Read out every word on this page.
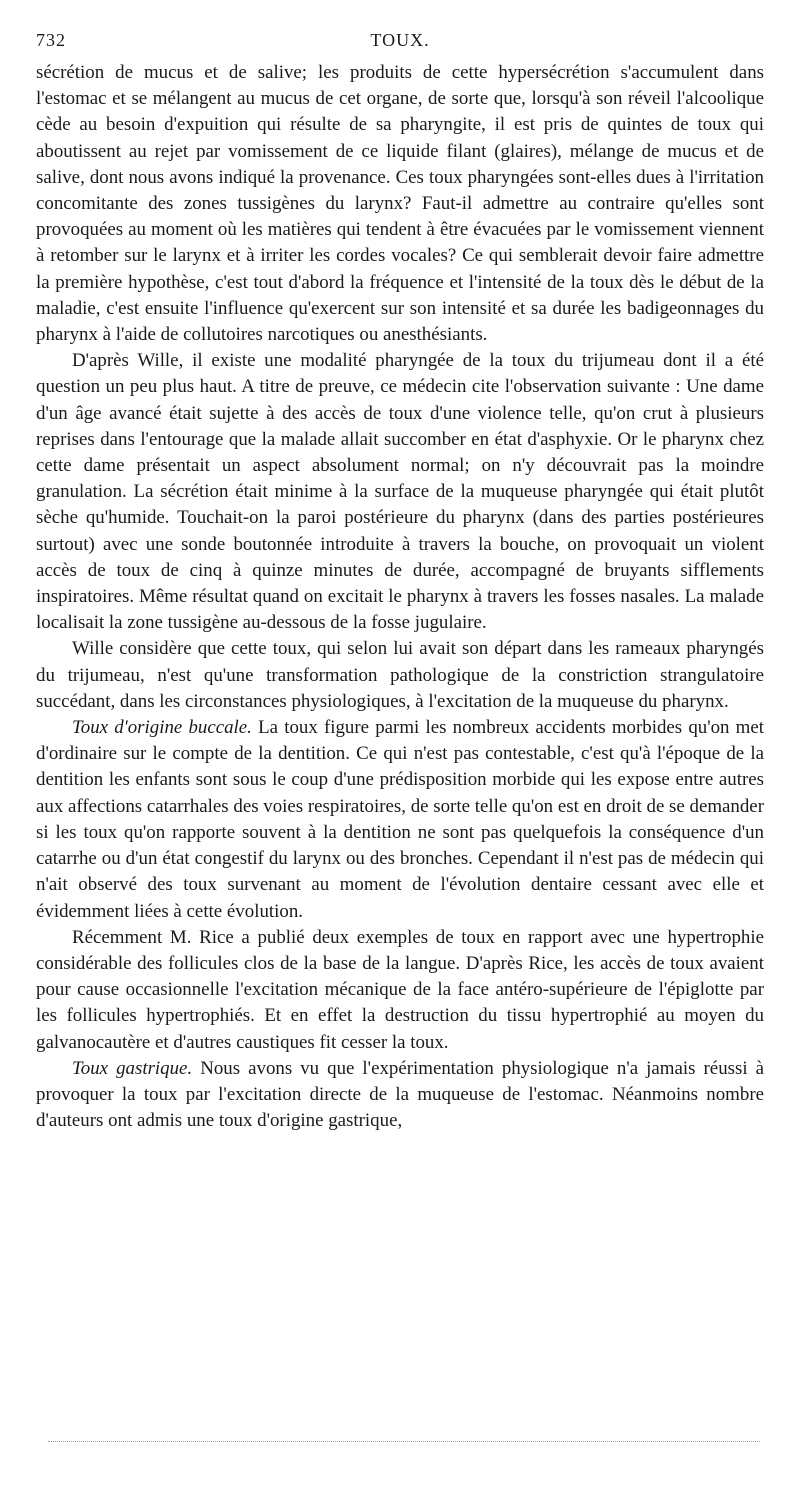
732	TOUX.

sécrétion de mucus et de salive; les produits de cette hypersécrétion s'accumulent dans l'estomac et se mélangent au mucus de cet organe, de sorte que, lorsqu'à son réveil l'alcoolique cède au besoin d'expuition qui résulte de sa pharyngite, il est pris de quintes de toux qui aboutissent au rejet par vomissement de ce liquide filant (glaires), mélange de mucus et de salive, dont nous avons indiqué la provenance. Ces toux pharyngées sont-elles dues à l'irritation concomitante des zones tussigènes du larynx? Faut-il admettre au contraire qu'elles sont provoquées au moment où les matières qui tendent à être évacuées par le vomissement viennent à retomber sur le larynx et à irriter les cordes vocales? Ce qui semblerait devoir faire admettre la première hypothèse, c'est tout d'abord la fréquence et l'intensité de la toux dès le début de la maladie, c'est ensuite l'influence qu'exercent sur son intensité et sa durée les badigeonnages du pharynx à l'aide de collutoires narcotiques ou anesthésiants.

D'après Wille, il existe une modalité pharyngée de la toux du trijumeau dont il a été question un peu plus haut. A titre de preuve, ce médecin cite l'observation suivante : Une dame d'un âge avancé était sujette à des accès de toux d'une violence telle, qu'on crut à plusieurs reprises dans l'entourage que la malade allait succomber en état d'asphyxie. Or le pharynx chez cette dame présentait un aspect absolument normal; on n'y découvrait pas la moindre granulation. La sécrétion était minime à la surface de la muqueuse pharyngée qui était plutôt sèche qu'humide. Touchait-on la paroi postérieure du pharynx (dans des parties postérieures surtout) avec une sonde boutonnée introduite à travers la bouche, on provoquait un violent accès de toux de cinq à quinze minutes de durée, accompagné de bruyants sifflements inspiratoires. Même résultat quand on excitait le pharynx à travers les fosses nasales. La malade localisait la zone tussigène au-dessous de la fosse jugulaire.

Wille considère que cette toux, qui selon lui avait son départ dans les rameaux pharyngés du trijumeau, n'est qu'une transformation pathologique de la constriction strangulatoire succédant, dans les circonstances physiologiques, à l'excitation de la muqueuse du pharynx.

Toux d'origine buccale. La toux figure parmi les nombreux accidents morbides qu'on met d'ordinaire sur le compte de la dentition. Ce qui n'est pas contestable, c'est qu'à l'époque de la dentition les enfants sont sous le coup d'une prédisposition morbide qui les expose entre autres aux affections catarrhales des voies respiratoires, de sorte telle qu'on est en droit de se demander si les toux qu'on rapporte souvent à la dentition ne sont pas quelquefois la conséquence d'un catarrhe ou d'un état congestif du larynx ou des bronches. Cependant il n'est pas de médecin qui n'ait observé des toux survenant au moment de l'évolution dentaire cessant avec elle et évidemment liées à cette évolution.

Récemment M. Rice a publié deux exemples de toux en rapport avec une hypertrophie considérable des follicules clos de la base de la langue. D'après Rice, les accès de toux avaient pour cause occasionnelle l'excitation mécanique de la face antéro-supérieure de l'épiglotte par les follicules hypertrophiés. Et en effet la destruction du tissu hypertrophié au moyen du galvanocautère et d'autres caustiques fit cesser la toux.

Toux gastrique. Nous avons vu que l'expérimentation physiologique n'a jamais réussi à provoquer la toux par l'excitation directe de la muqueuse de l'estomac. Néanmoins nombre d'auteurs ont admis une toux d'origine gastrique,
